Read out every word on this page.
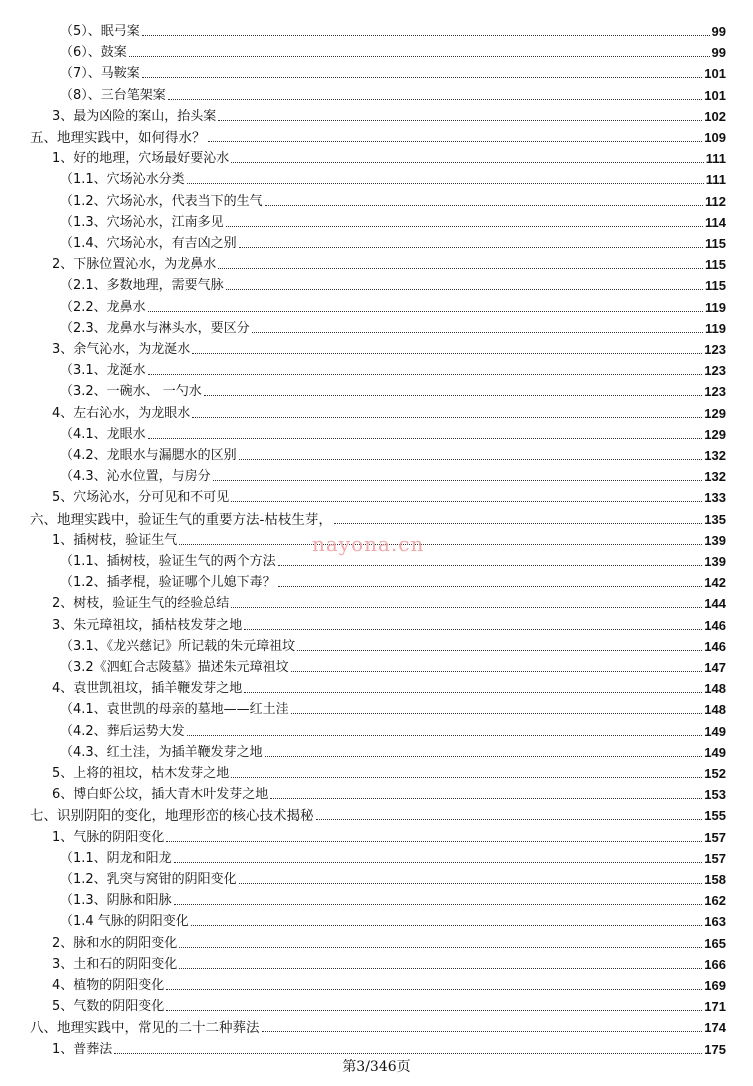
（5）、眠弓案	99
（6）、鼓案	99
（7）、马鞍案	101
（8）、三台笔架案	101
3、最为凶险的案山，抬头案	102
五、地理实践中，如何得水？	109
1、好的地理，穴场最好要沁水	111
（1.1、穴场沁水分类	111
（1.2、穴场沁水，代表当下的生气	112
（1.3、穴场沁水，江南多见	114
（1.4、穴场沁水，有吉凶之别	115
2、下脉位置沁水，为龙鼻水	115
（2.1、多数地理，需要气脉	115
（2.2、龙鼻水	119
（2.3、龙鼻水与淋头水，要区分	119
3、余气沁水，为龙涎水	123
（3.1、龙涎水	123
（3.2、一碗水、 一勺水	123
4、左右沁水，为龙眼水	129
（4.1、龙眼水	129
（4.2、龙眼水与漏腮水的区别	132
（4.3、沁水位置，与房分	132
5、穴场沁水，分可见和不可见	133
六、地理实践中，验证生气的重要方法-枯枝生芽，	135
1、插树枝，验证生气	139
（1.1、插树枝，验证生气的两个方法	139
（1.2、插孝棍，验证哪个儿媳下毒？	142
2、树枝，验证生气的经验总结	144
3、朱元璋祖坟，插枯枝发芽之地	146
（3.1、《龙兴慈记》所记载的朱元璋祖坟	146
（3.2《泗虹合志陵墓》描述朱元璋祖坟	147
4、袁世凯祖坟，插羊鞭发芽之地	148
（4.1、袁世凯的母亲的墓地——红土洼	148
（4.2、葬后运势大发	149
（4.3、红土洼，为插羊鞭发芽之地	149
5、上将的祖坟，枯木发芽之地	152
6、博白虾公坟，插大青木叶发芽之地	153
七、识别阴阳的变化，地理形峦的核心技术揭秘	155
1、气脉的阴阳变化	157
（1.1、阴龙和阳龙	157
（1.2、乳突与窝钳的阴阳变化	158
（1.3、阴脉和阳脉	162
（1.4 气脉的阴阳变化	163
2、脉和水的阴阳变化	165
3、土和石的阴阳变化	166
4、植物的阴阳变化	169
5、气数的阴阳变化	171
八、地理实践中，常见的二十二种葬法	174
1、普葬法	175
nayona.cn
第3/346页
